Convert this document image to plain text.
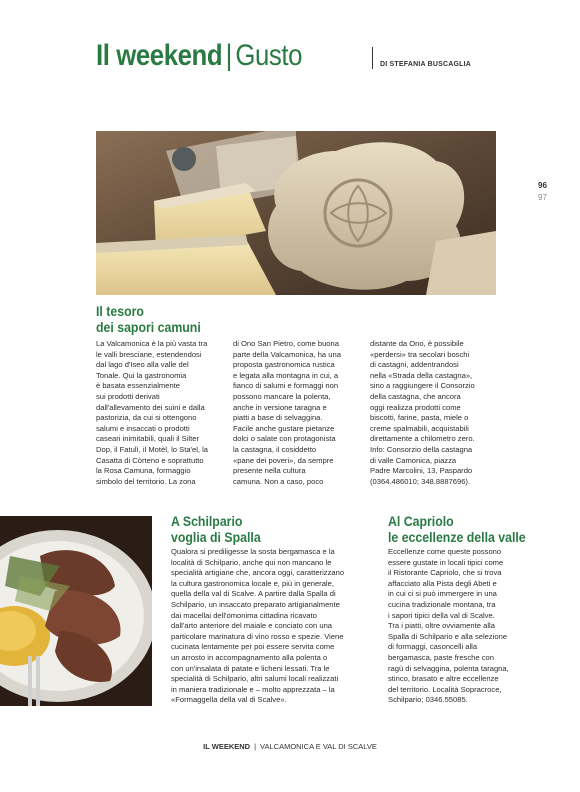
Il weekend | Gusto	DI STEFANIA BUSCAGLIA
96
97
Il tesoro
dei sapori camuni
La Valcamonica è la più vasta tra
le valli bresciane, estendendosi
dal lago d'Iseo alla valle del
Tonale. Qui la gastronomia
è basata essenzialmente
sui prodotti derivati
dall'allevamento dei suini e dalla
pastorizia, da cui si ottengono
salumi e insaccati o prodotti
caseari inimitabili, quali il Silter
Dop, il Fatulì, il Motèl, lo Sta'el, la
Casatta di Còrteno e soprattutto
la Rosa Camuna, formaggio
simbolo del territorio. La zona
di Ono San Pietro, come buona
parte della Valcamonica, ha una
proposta gastronomica rustica
e legata alla montagna in cui, a
fianco di salumi e formaggi non
possono mancare la polenta,
anche in versione taragna e
piatti a base di selvaggina.
Facile anche gustare pietanze
dolci o salate con protagonista
la castagna, il cosiddetto
«pane dei poveri», da sempre
presente nella cultura
camuna. Non a caso, poco
distante da Ono, è possibile
«perdersi» tra secolari boschi
di castagni, addentrandosi
nella «Strada della castagna»,
sino a raggiungere il Consorzio
della castagna, che ancora
oggi realizza prodotti come
biscotti, farine, pasta, miele o
creme spalmabili, acquistabili
direttamente a chilometro zero.
Info: Consorzio della castagna
di valle Camonica, piazza
Padre Marcolini, 13, Paspardo
(0364.486010; 348.8887696).
A Schilpario
voglia di Spalla
Qualora si prediligesse la sosta bergamasca e la
località di Schilpario, anche qui non mancano le
specialità artigiane che, ancora oggi, caratterizzano
la cultura gastronomica locale e, più in generale,
quella della val di Scalve. A partire dalla Spalla di
Schilpario, un insaccato preparato artigianalmente
dai macellai dell'omonima cittadina ricavato
dall'arto anteriore del maiale e conciato con una
particolare marinatura di vino rosso e spezie. Viene
cucinata lentamente per poi essere servita come
un arrosto in accompagnamento alla polenta o
con un'insalata di patate e licheni lessati. Tra le
specialità di Schilpario, altri salumi locali realizzati
in maniera tradizionale e – molto apprezzata – la
«Formaggella della val di Scalve».
Al Capriolo
le eccellenze della valle
Eccellenze come queste possono
essere gustate in locali tipici come
il Ristorante Capriolo, che si trova
affacciato alla Pista degli Abeti e
in cui ci si può immergere in una
cucina tradizionale montana, tra
i sapori tipici della val di Scalve.
Tra i piatti, oltre ovviamente alla
Spalla di Schilpario e alla selezione
di formaggi, casoncelli alla
bergamasca, paste fresche con
ragù di selvaggina, polenta taragna,
stinco, brasato e altre eccellenze
del territorio. Località Sopracroce,
Schilpario; 0346.55085.
IL WEEKEND | VALCAMONICA E VAL DI SCALVE
